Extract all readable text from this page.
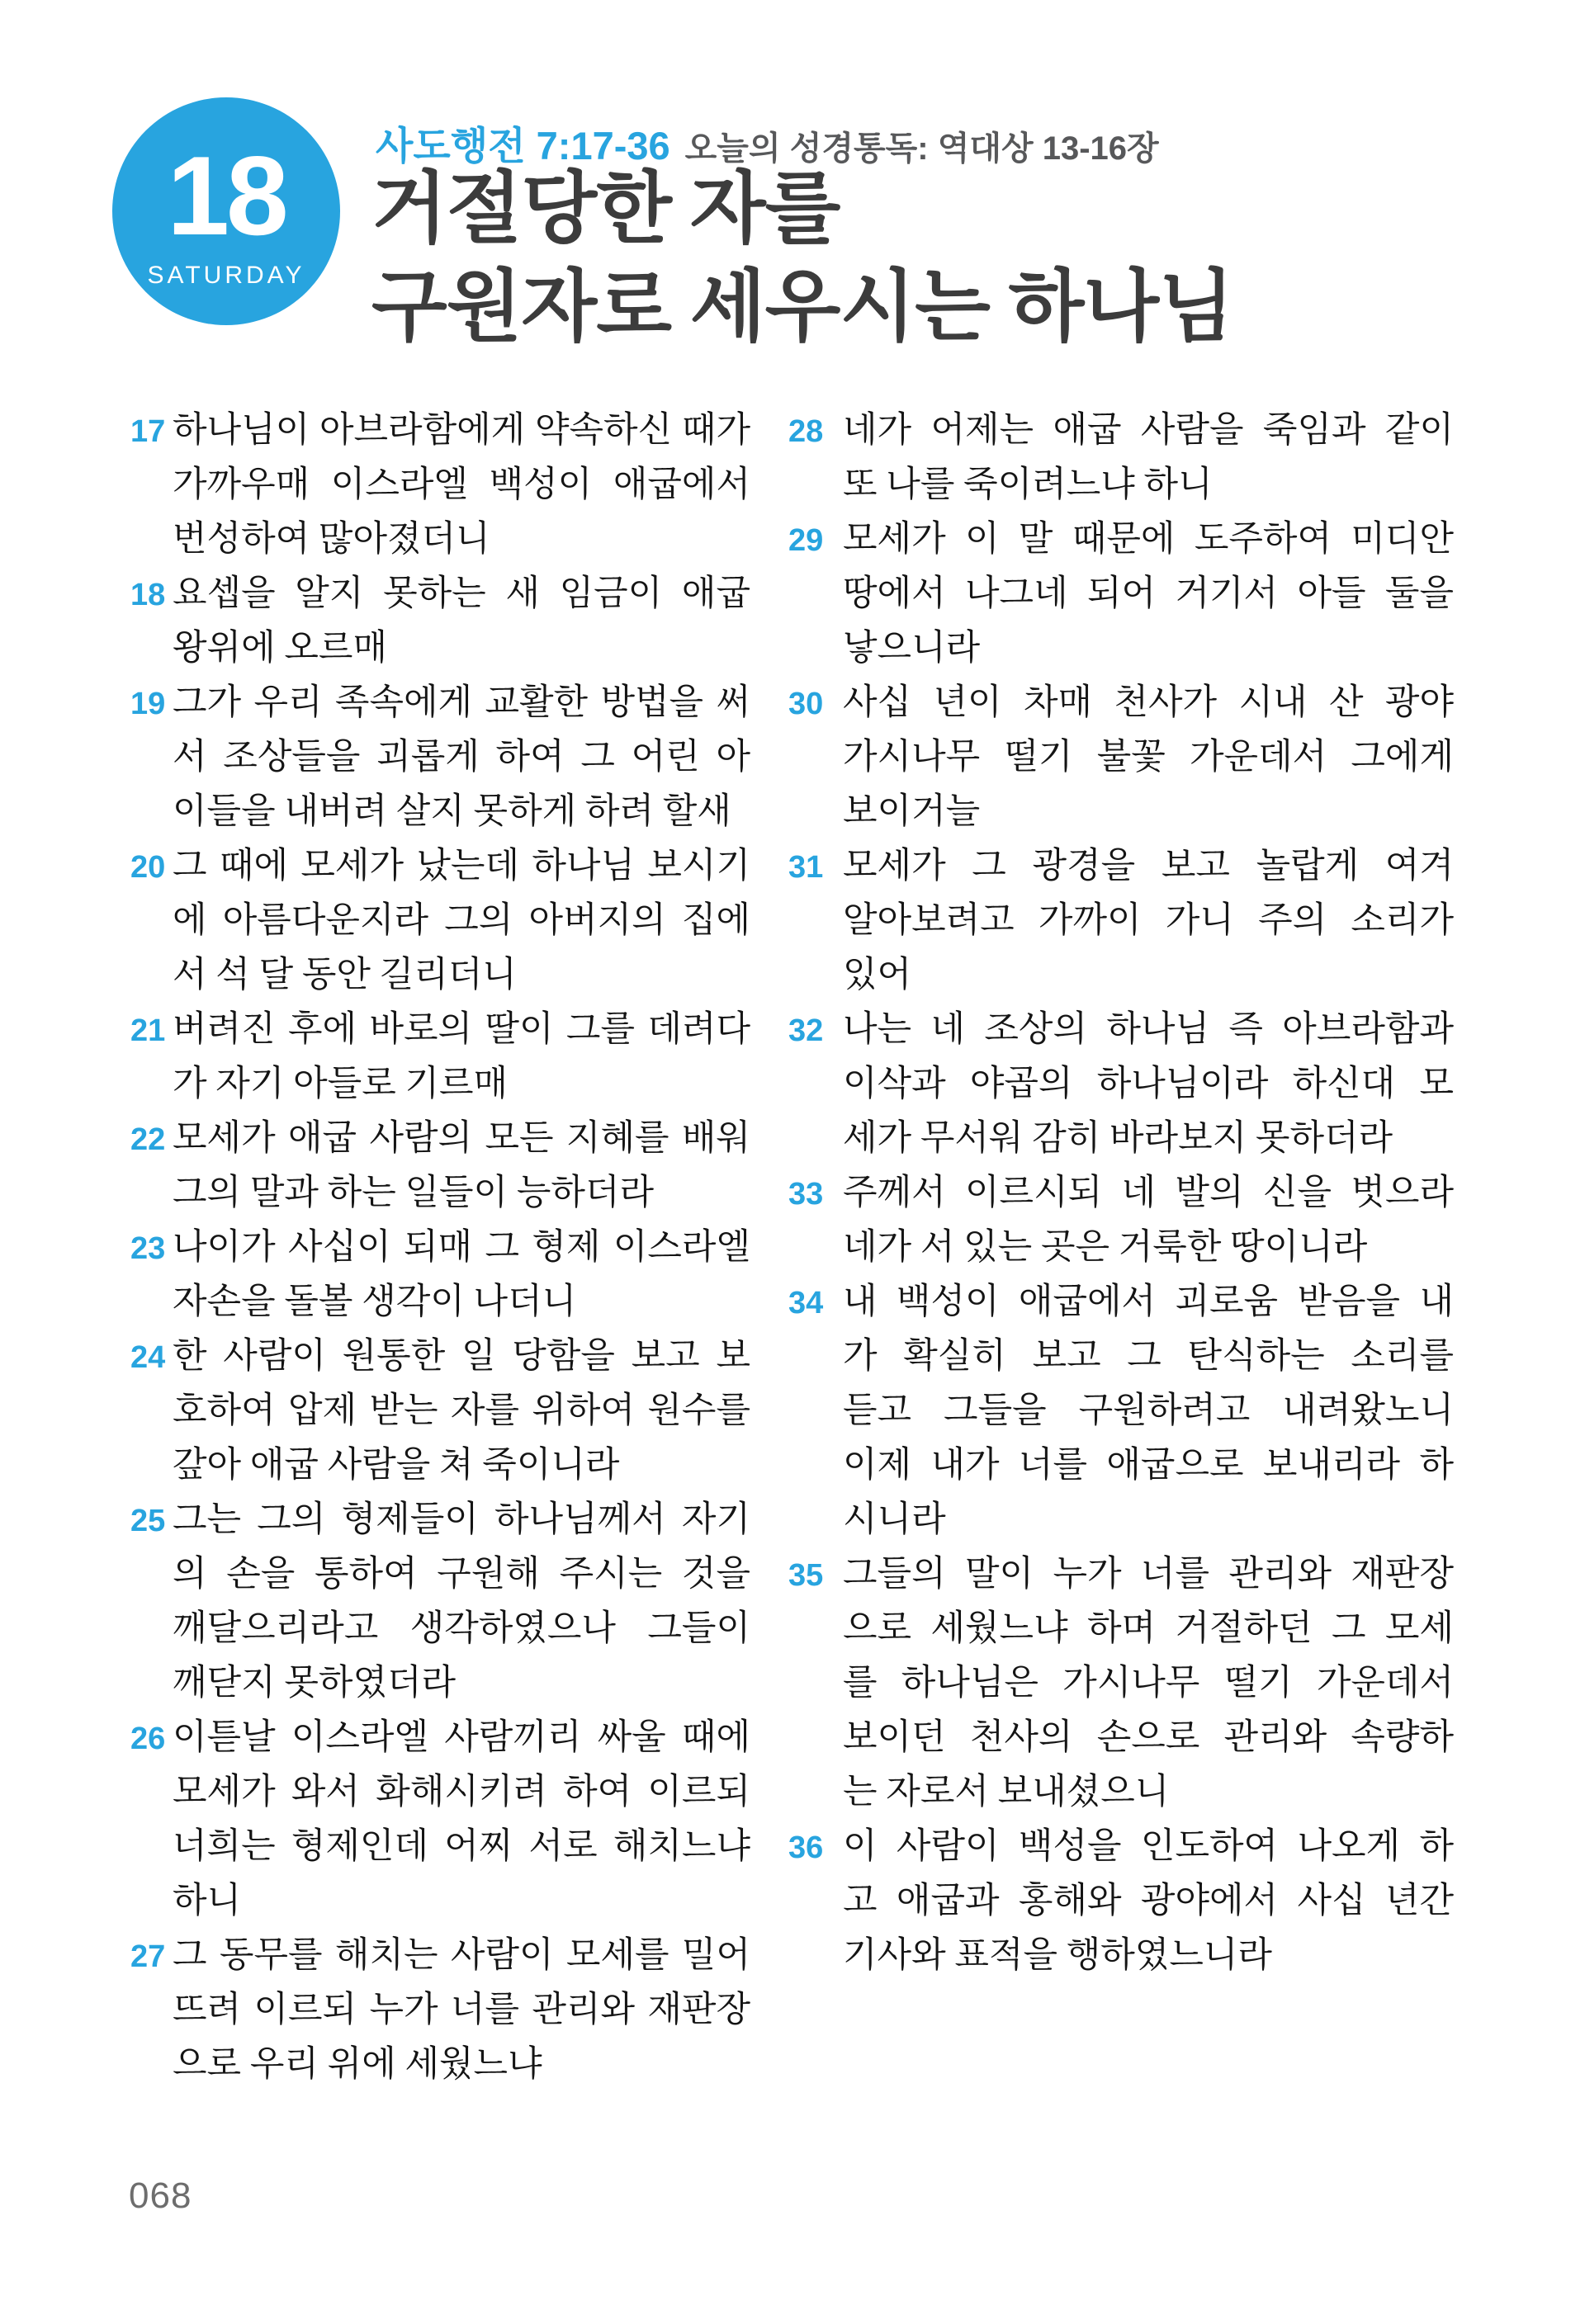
18
SATURDAY
사도행전 7:17-36 오늘의 성경통독: 역대상 13-16장
거절당한 자를
구원자로 세우시는 하나님
17 하나님이 아브라함에게 약속하신 때가
가까우매 이스라엘 백성이 애굽에서
번성하여 많아졌더니
18 요셉을 알지 못하는 새 임금이 애굽
왕위에 오르매
19 그가 우리 족속에게 교활한 방법을 써
서 조상들을 괴롭게 하여 그 어린 아
이들을 내버려 살지 못하게 하려 할새
20 그 때에 모세가 났는데 하나님 보시기
에 아름다운지라 그의 아버지의 집에
서 석 달 동안 길리더니
21 버려진 후에 바로의 딸이 그를 데려다
가 자기 아들로 기르매
22 모세가 애굽 사람의 모든 지혜를 배워
그의 말과 하는 일들이 능하더라
23 나이가 사십이 되매 그 형제 이스라엘
자손을 돌볼 생각이 나더니
24 한 사람이 원통한 일 당함을 보고 보
호하여 압제 받는 자를 위하여 원수를
갚아 애굽 사람을 쳐 죽이니라
25 그는 그의 형제들이 하나님께서 자기
의 손을 통하여 구원해 주시는 것을
깨달으리라고 생각하였으나 그들이
깨닫지 못하였더라
26 이튿날 이스라엘 사람끼리 싸울 때에
모세가 와서 화해시키려 하여 이르되
너희는 형제인데 어찌 서로 해치느냐
하니
27 그 동무를 해치는 사람이 모세를 밀어
뜨려 이르되 누가 너를 관리와 재판장
으로 우리 위에 세웠느냐
28 네가 어제는 애굽 사람을 죽임과 같이
또 나를 죽이려느냐 하니
29 모세가 이 말 때문에 도주하여 미디안
땅에서 나그네 되어 거기서 아들 둘을
낳으니라
30 사십 년이 차매 천사가 시내 산 광야
가시나무 떨기 불꽃 가운데서 그에게
보이거늘
31 모세가 그 광경을 보고 놀랍게 여겨
알아보려고 가까이 가니 주의 소리가
있어
32 나는 네 조상의 하나님 즉 아브라함과
이삭과 야곱의 하나님이라 하신대 모
세가 무서워 감히 바라보지 못하더라
33 주께서 이르시되 네 발의 신을 벗으라
네가 서 있는 곳은 거룩한 땅이니라
34 내 백성이 애굽에서 괴로움 받음을 내
가 확실히 보고 그 탄식하는 소리를
듣고 그들을 구원하려고 내려왔노니
이제 내가 너를 애굽으로 보내리라 하
시니라
35 그들의 말이 누가 너를 관리와 재판장
으로 세웠느냐 하며 거절하던 그 모세
를 하나님은 가시나무 떨기 가운데서
보이던 천사의 손으로 관리와 속량하
는 자로서 보내셨으니
36 이 사람이 백성을 인도하여 나오게 하
고 애굽과 홍해와 광야에서 사십 년간
기사와 표적을 행하였느니라
068
